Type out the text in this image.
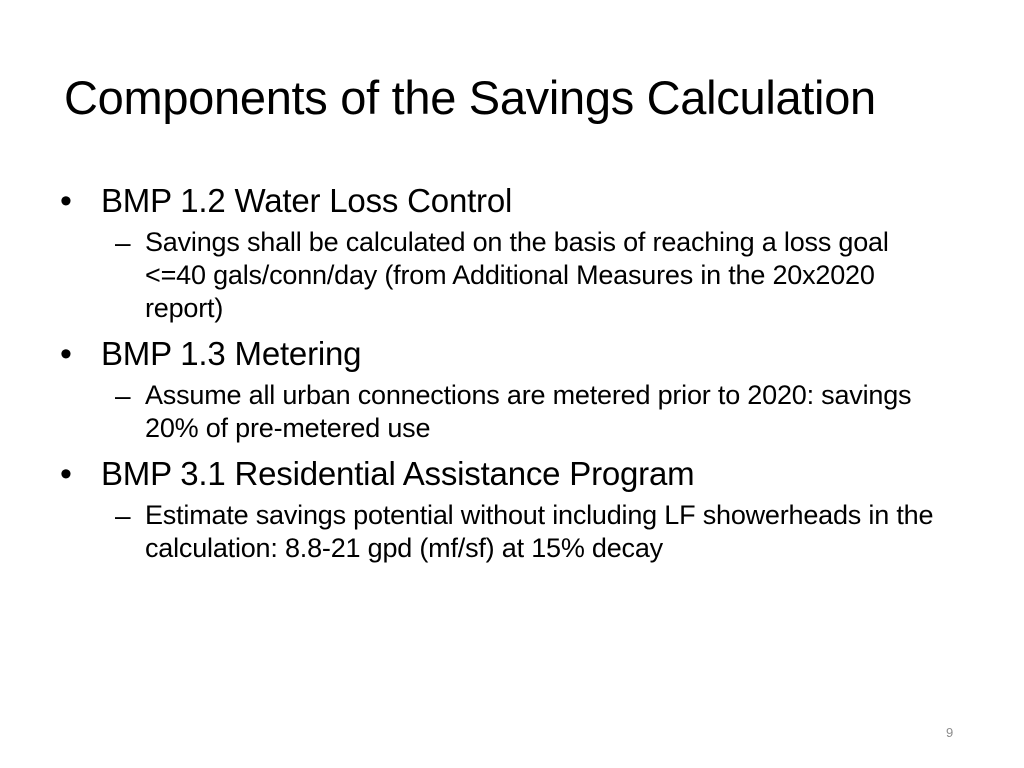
Components of the Savings Calculation
• BMP 1.2 Water Loss Control
– Savings shall be calculated on the basis of reaching a loss goal <=40 gals/conn/day (from Additional Measures in the 20x2020 report)
• BMP 1.3 Metering
– Assume all urban connections are metered prior to 2020: savings 20% of pre-metered use
• BMP 3.1 Residential Assistance Program
– Estimate savings potential without including LF showerheads in the calculation: 8.8-21 gpd (mf/sf) at 15% decay
9
